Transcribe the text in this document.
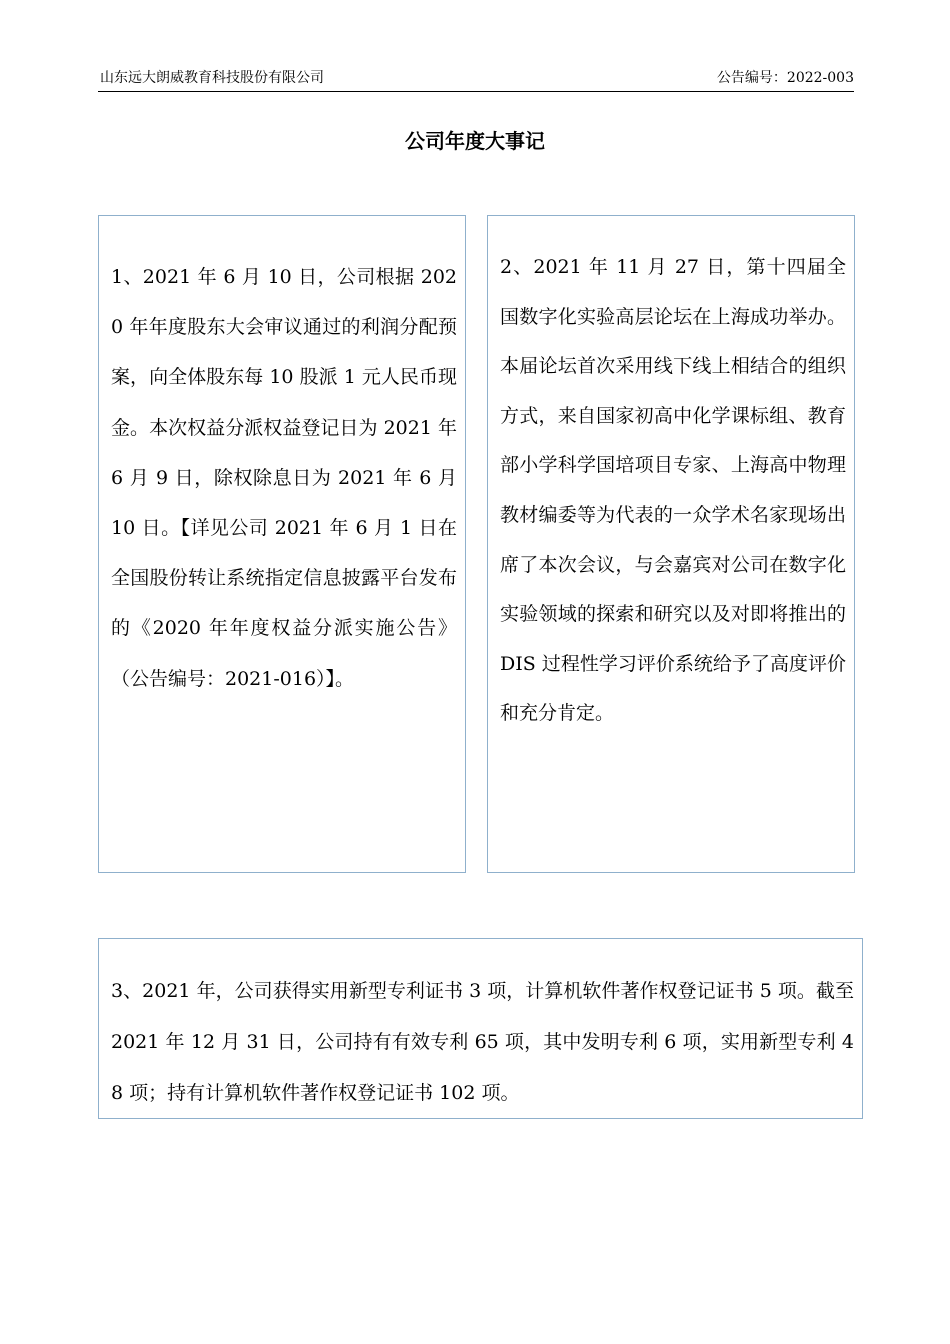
山东远大朗威教育科技股份有限公司	公告编号：2022-003
公司年度大事记

1、2021 年 6 月 10 日，公司根据 2020 年年度股东大会审议通过的利润分配预案，向全体股东每 10 股派 1 元人民币现金。本次权益分派权益登记日为 2021 年 6 月 9 日，除权除息日为 2021 年 6 月 10 日。【详见公司 2021 年 6 月 1 日在全国股份转让系统指定信息披露平台发布的《2020 年年度权益分派实施公告》（公告编号：2021-016）】。

2、2021 年 11 月 27 日，第十四届全国数字化实验高层论坛在上海成功举办。本届论坛首次采用线下线上相结合的组织方式，来自国家初高中化学课标组、教育部小学科学国培项目专家、上海高中物理教材编委等为代表的一众学术名家现场出席了本次会议，与会嘉宾对公司在数字化实验领域的探索和研究以及对即将推出的 DIS 过程性学习评价系统给予了高度评价和充分肯定。

3、2021 年，公司获得实用新型专利证书 3 项，计算机软件著作权登记证书 5 项。截至 2021 年 12 月 31 日，公司持有有效专利 65 项，其中发明专利 6 项，实用新型专利 48 项；持有计算机软件著作权登记证书 102 项。
